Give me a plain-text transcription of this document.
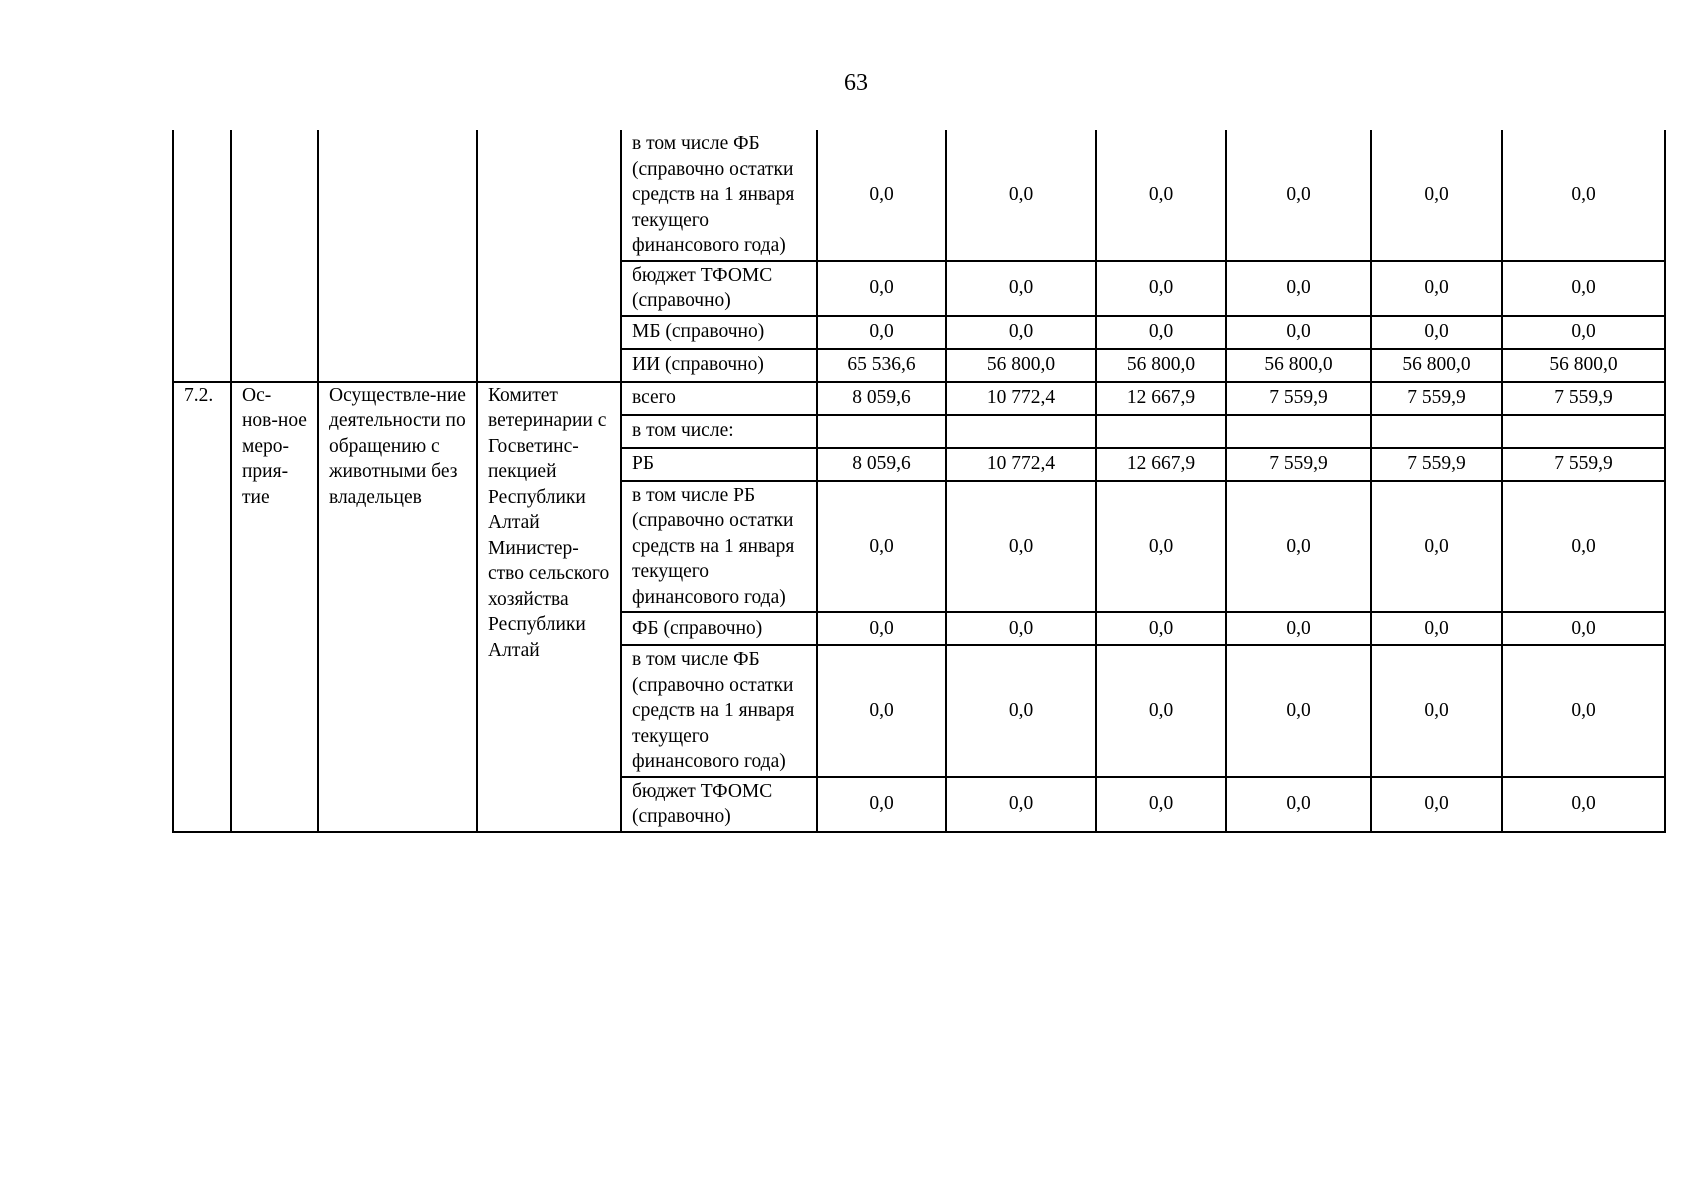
63
				в том числе ФБ (справочно остатки средств на 1 января текущего финансового года)	0,0	0,0	0,0	0,0	0,0	0,0
				бюджет ТФОМС (справочно)	0,0	0,0	0,0	0,0	0,0	0,0
				МБ (справочно)	0,0	0,0	0,0	0,0	0,0	0,0
				ИИ (справочно)	65 536,6	56 800,0	56 800,0	56 800,0	56 800,0	56 800,0
7.2.	Ос-нов-ное меро-прия-тие	Осуществле-ние деятельности по обращению с животными без владельцев	Комитет ветеринарии с Госветинс-пекцией Республики Алтай Министер-ство сельского хозяйства Республики Алтай	всего	8 059,6	10 772,4	12 667,9	7 559,9	7 559,9	7 559,9
				в том числе:						
				РБ	8 059,6	10 772,4	12 667,9	7 559,9	7 559,9	7 559,9
				в том числе РБ (справочно остатки средств на 1 января текущего финансового года)	0,0	0,0	0,0	0,0	0,0	0,0
				ФБ (справочно)	0,0	0,0	0,0	0,0	0,0	0,0
				в том числе ФБ (справочно остатки средств на 1 января текущего финансового года)	0,0	0,0	0,0	0,0	0,0	0,0
				бюджет ТФОМС (справочно)	0,0	0,0	0,0	0,0	0,0	0,0
